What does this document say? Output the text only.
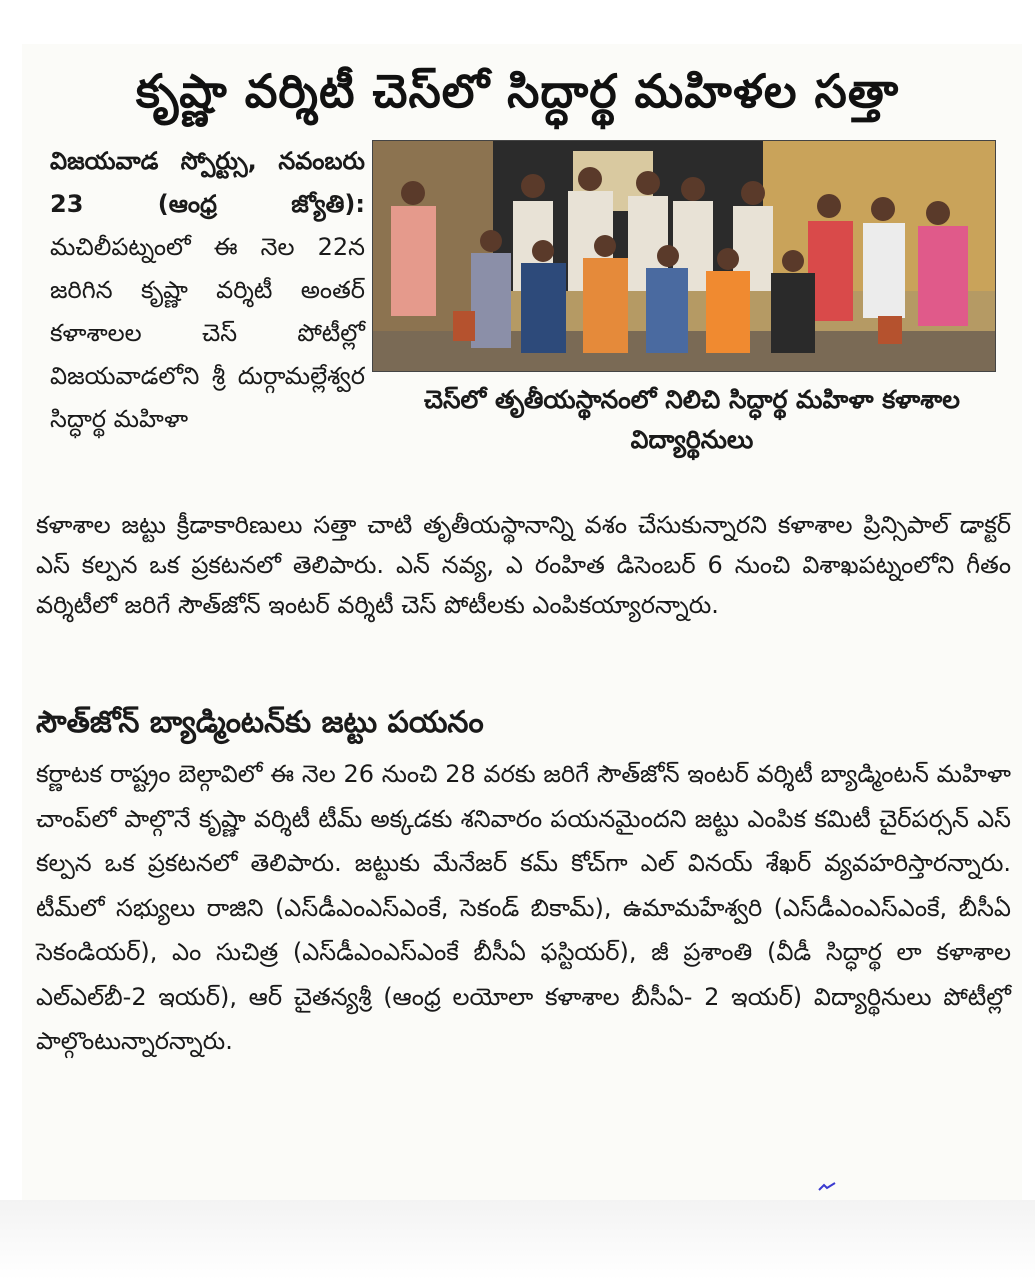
కృష్ణా వర్శిటీ చెస్‌లో సిద్ధార్థ మహిళల సత్తా
విజయవాడ స్పోర్ట్సు, నవంబరు 23 (ఆంధ్ర జ్యోతి): మచిలీపట్నంలో ఈ నెల 22న జరిగిన కృష్ణా వర్శిటీ అంతర్ కళాశాలల చెస్ పోటీల్లో విజయవాడలోని శ్రీ దుర్గామల్లేశ్వర సిద్ధార్థ మహిళా
చెస్‌లో తృతీయస్థానంలో నిలిచి సిద్ధార్థ మహిళా కళాశాల విద్యార్థినులు
కళాశాల జట్టు క్రీడాకారిణులు సత్తా చాటి తృతీయస్థానాన్ని వశం చేసుకున్నారని కళాశాల ప్రిన్సిపాల్ డాక్టర్ ఎస్ కల్పన ఒక ప్రకటనలో తెలిపారు. ఎన్ నవ్య, ఎ రంహిత డిసెంబర్ 6 నుంచి విశాఖపట్నంలోని గీతం వర్శిటీలో జరిగే సౌత్‌జోన్ ఇంటర్ వర్శిటీ చెస్ పోటీలకు ఎంపికయ్యారన్నారు.
సౌత్‌జోన్ బ్యాడ్మింటన్‌కు జట్టు పయనం
కర్ణాటక రాష్ట్రం బెల్గావిలో ఈ నెల 26 నుంచి 28 వరకు జరిగే సౌత్‌జోన్ ఇంటర్ వర్శిటీ బ్యాడ్మింటన్ మహిళా చాంప్‌లో పాల్గొనే కృష్ణా వర్శిటీ టీమ్ అక్కడకు శనివారం పయనమైందని జట్టు ఎంపిక కమిటీ చైర్‌పర్సన్ ఎస్ కల్పన ఒక ప్రకటనలో తెలిపారు. జట్టుకు మేనేజర్ కమ్ కోచ్‌గా ఎల్ వినయ్ శేఖర్ వ్యవహరిస్తారన్నారు. టీమ్‌లో సభ్యులు రాజిని (ఎస్‌డీఎంఎస్ఎంకే, సెకండ్ బికామ్), ఉమామహేశ్వరి (ఎస్‌డీఎంఎస్ఎంకే, బీసీఏ సెకండియర్), ఎం సుచిత్ర (ఎస్‌డీఎంఎస్ఎంకే బీసీఏ ఫస్టియర్), జీ ప్రశాంతి (వీడీ సిద్ధార్థ లా కళాశాల ఎల్ఎల్‌బీ-2 ఇయర్), ఆర్ చైతన్యశ్రీ (ఆంధ్ర లయోలా కళాశాల బీసీఏ- 2 ఇయర్) విద్యార్థినులు పోటీల్లో పాల్గొంటున్నారన్నారు.
